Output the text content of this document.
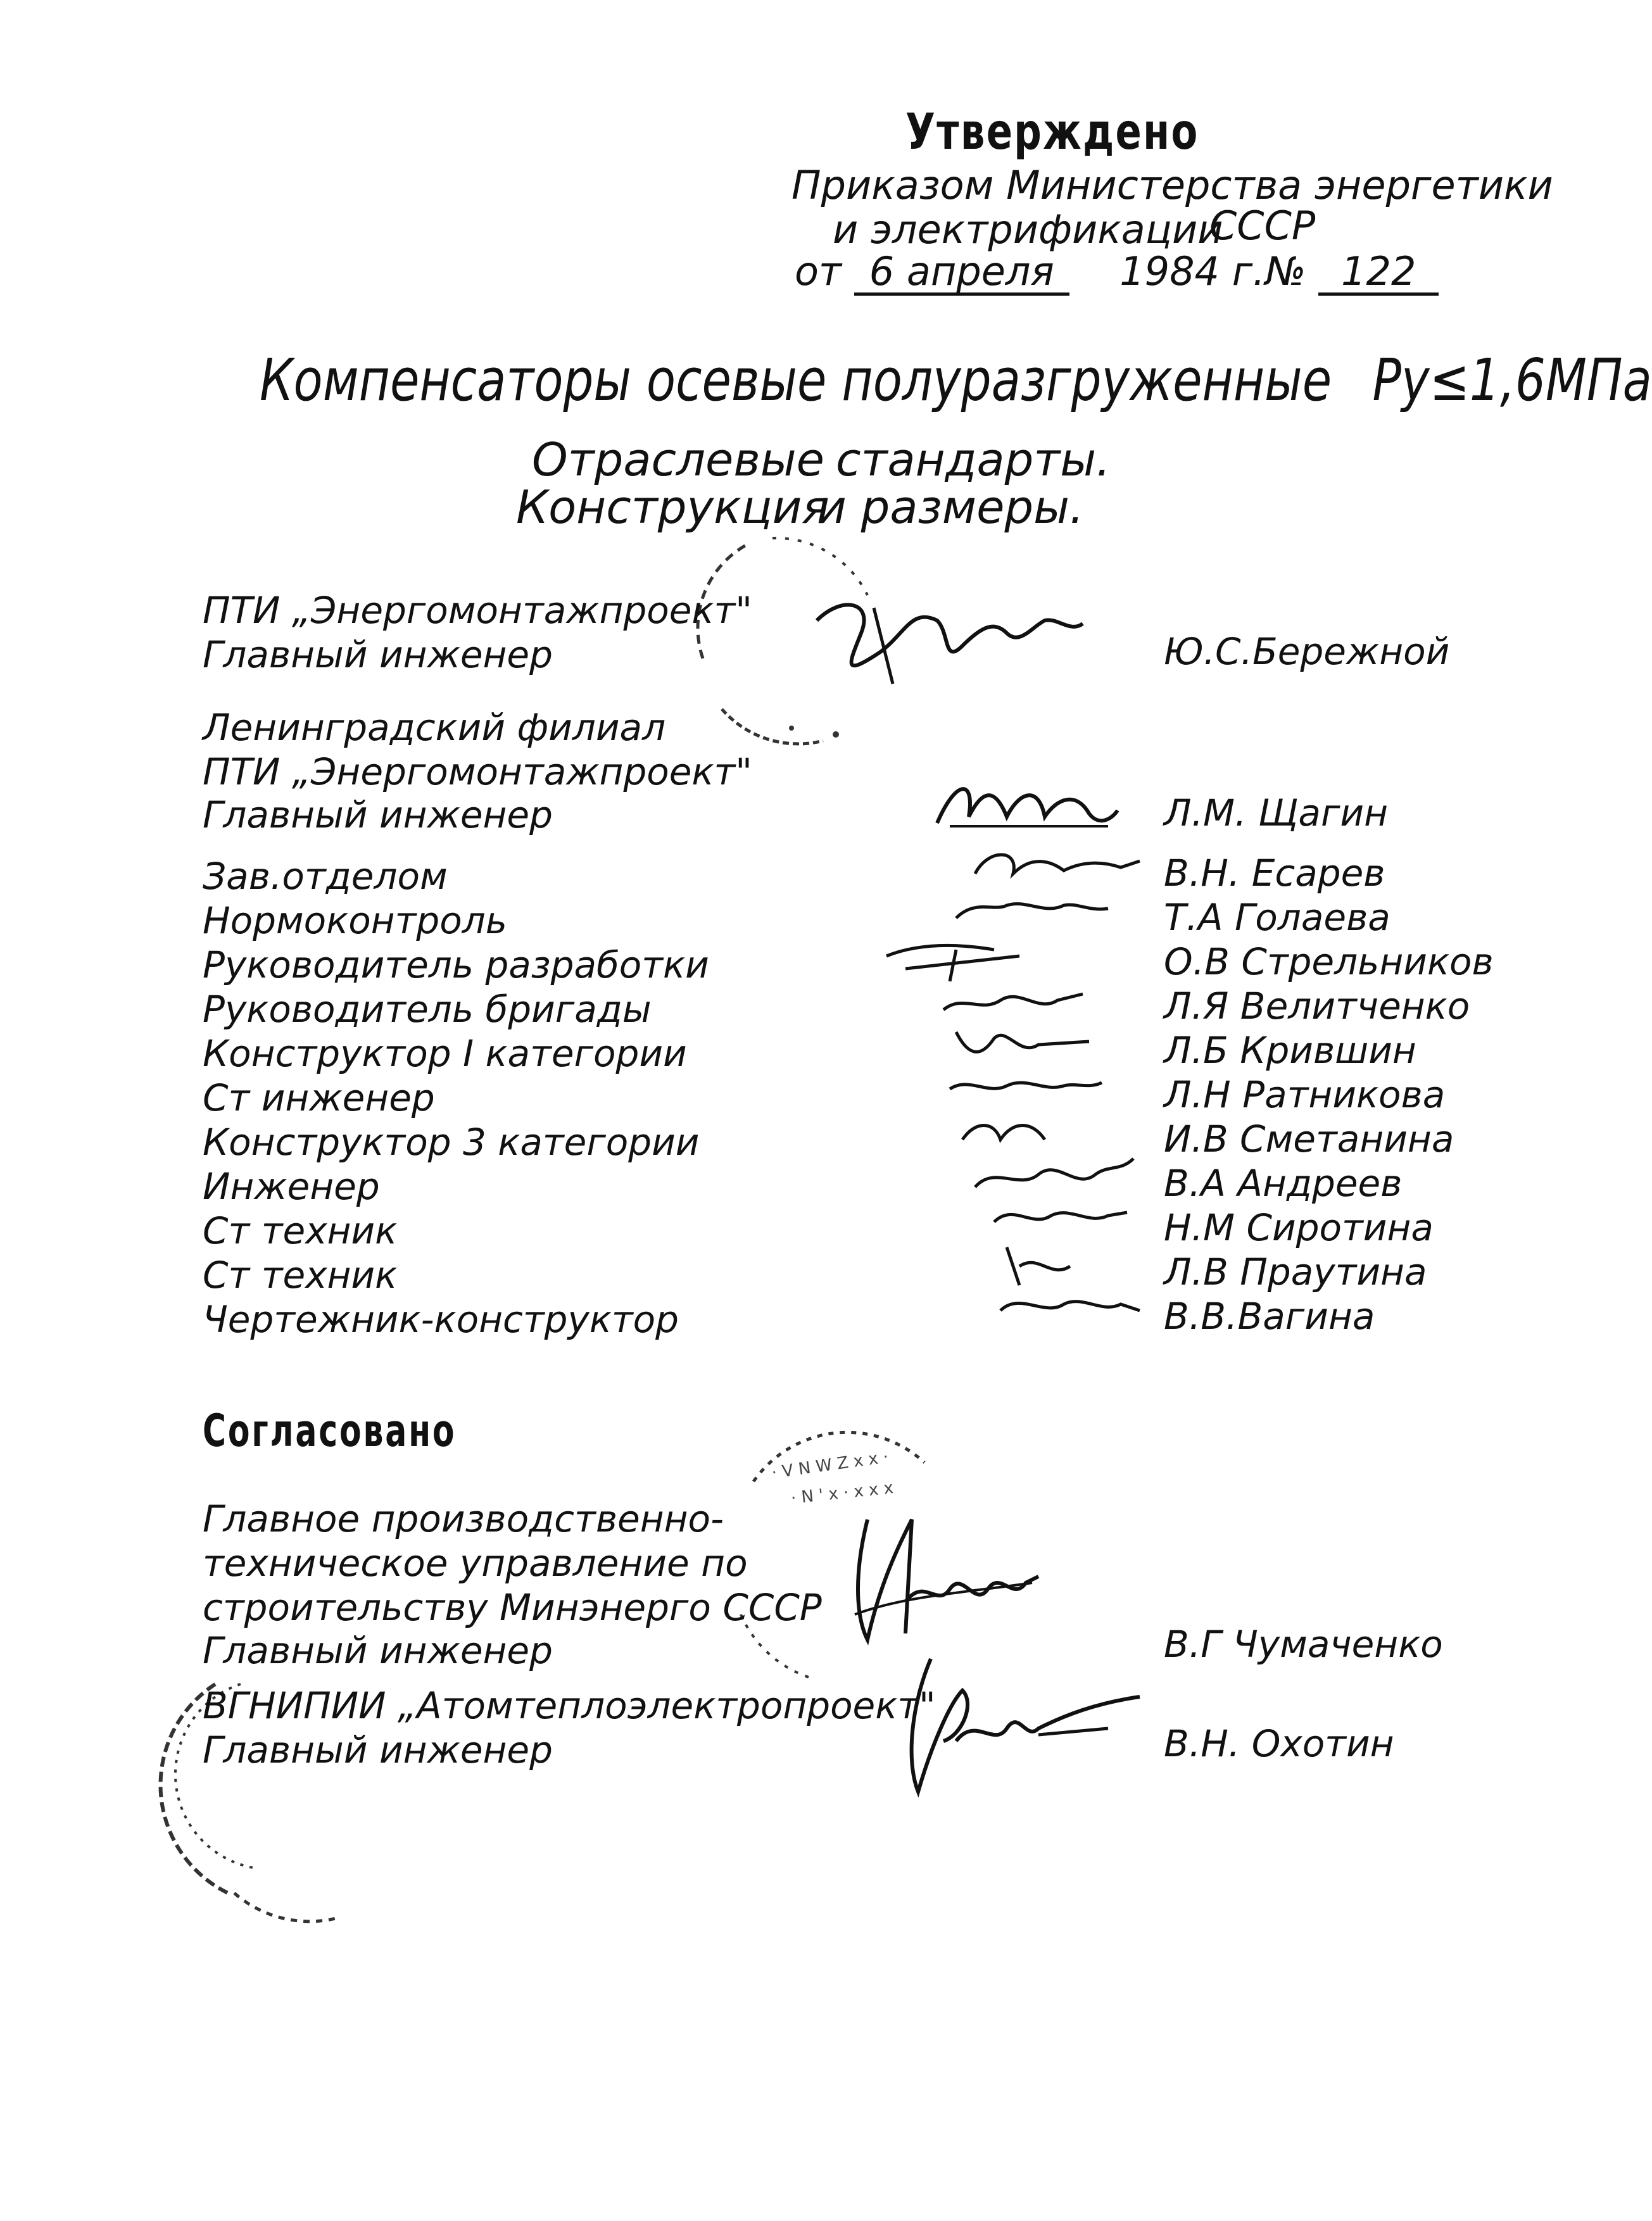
Утверждено
Приказом Министерства энергетики
и электрификации
СССР
от 6 апреля 1984 г.№ 122
Компенсаторы осевые полуразгруженные Py≤1,6МПа
Отраслевые стандарты.
Конструкция
и размеры.
ПТИ „Энергомонтажпроект"
Главный инженер	Ю.С.Бережной
Ленинградский филиал
ПТИ „Энергомонтажпроект"
Главный инженер	Л.М. Щагин
Зав.отделом	В.Н. Есарев
Нормоконтроль	Т.А Голаева
Руководитель разработки	О.В Стрельников
Руководитель бригады	Л.Я Велитченко
Конструктор I категории	Л.Б Крившин
Ст инженер	Л.Н Ратникова
Конструктор 3 категории	И.В Сметанина
Инженер	В.А Андреев
Ст техник	Н.М Сиротина
Ст техник	Л.В Праутина
Чертежник-конструктор	В.В.Вагина
Согласовано
· V N W Z x x ·
· N ' x · x x x
Главное производственно-
техническое управление по
строительству Минэнерго СССР
Главный инженер	В.Г Чумаченко
ВГНИПИИ „Атомтеплоэлектропроект"
Главный инженер	В.Н. Охотин
